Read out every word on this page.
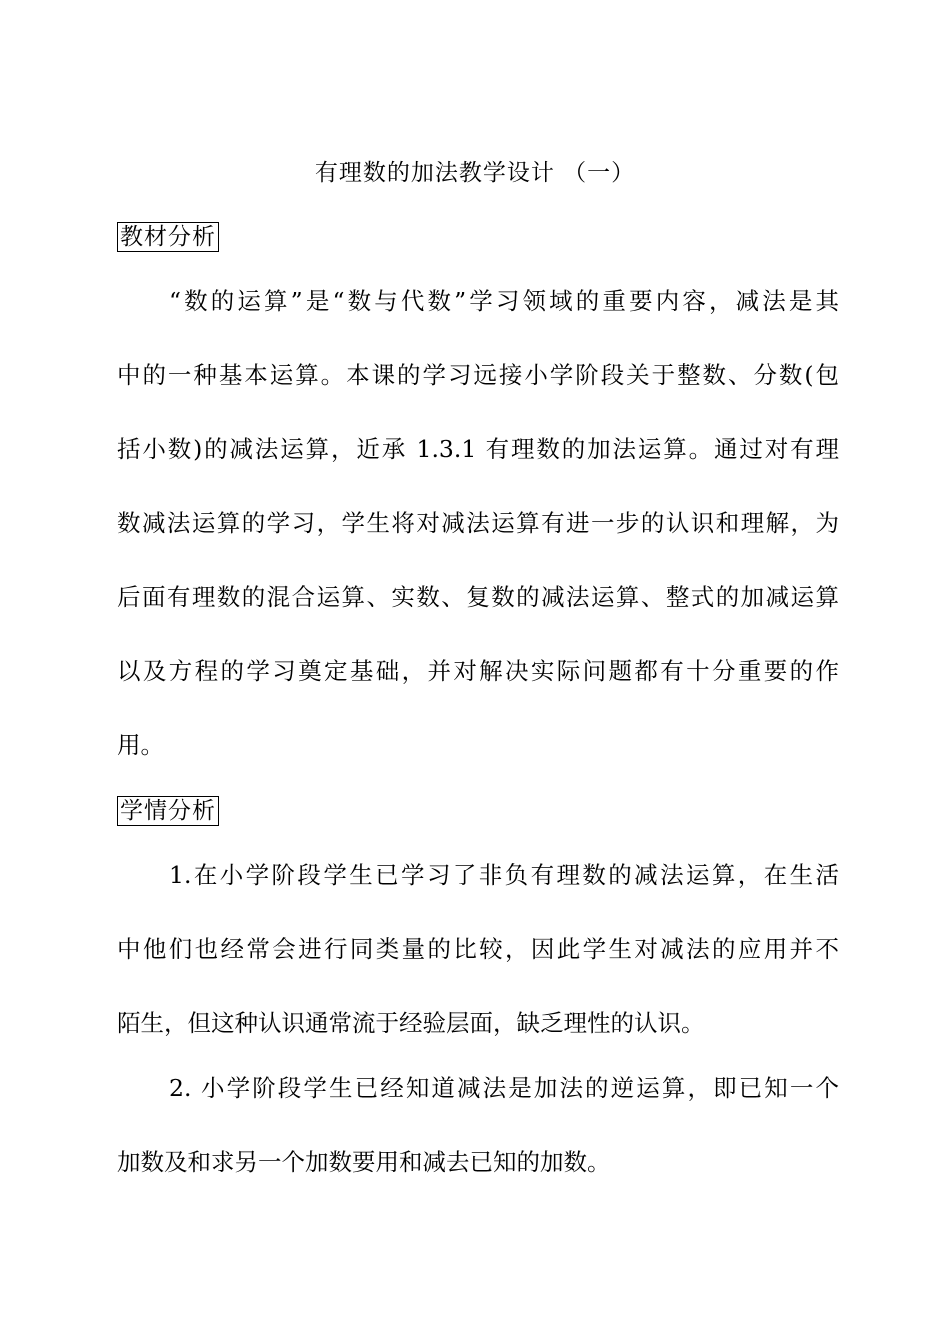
有理数的加法教学设计 （一）
教材分析
“数的运算”是“数与代数”学习领域的重要内容，减法是其
中的一种基本运算。本课的学习远接小学阶段关于整数、分数(包
括小数)的减法运算，近承 1.3.1 有理数的加法运算。通过对有理
数减法运算的学习，学生将对减法运算有进一步的认识和理解，为
后面有理数的混合运算、实数、复数的减法运算、整式的加减运算
以及方程的学习奠定基础，并对解决实际问题都有十分重要的作
用。
学情分析
1.在小学阶段学生已学习了非负有理数的减法运算，在生活
中他们也经常会进行同类量的比较，因此学生对减法的应用并不
陌生，但这种认识通常流于经验层面，缺乏理性的认识。
2. 小学阶段学生已经知道减法是加法的逆运算，即已知一个
加数及和求另一个加数要用和减去已知的加数。
